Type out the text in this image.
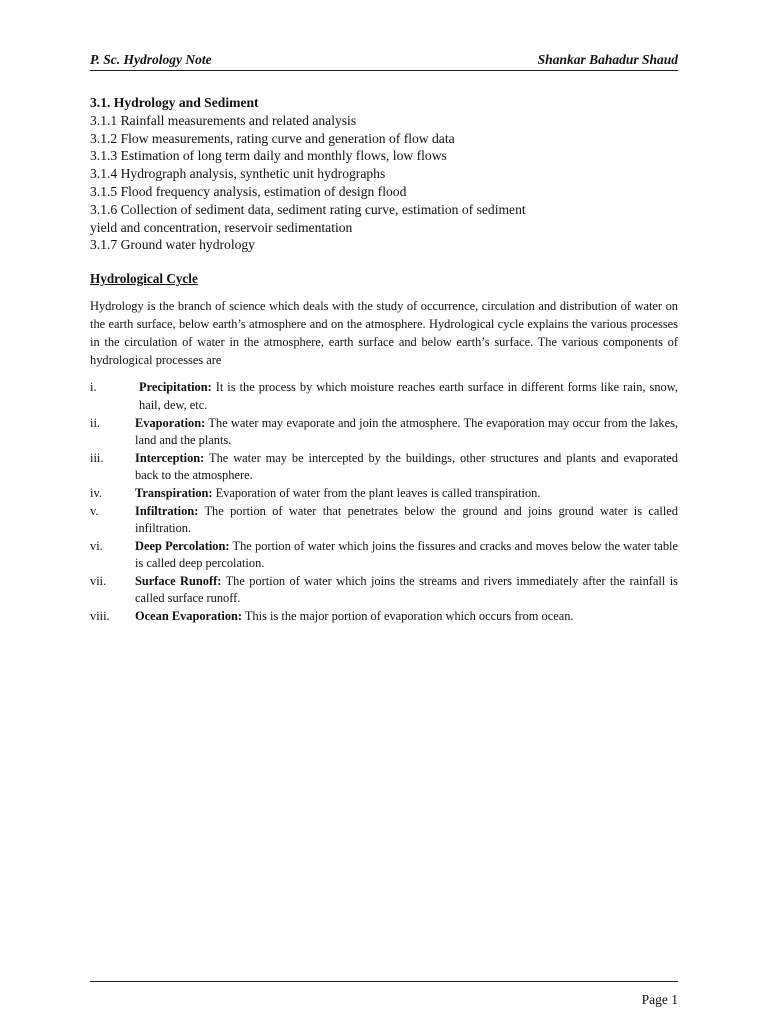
P. Sc. Hydrology Note	Shankar Bahadur Shaud
3.1. Hydrology and Sediment
3.1.1 Rainfall measurements and related analysis
3.1.2 Flow measurements, rating curve and generation of flow data
3.1.3 Estimation of long term daily and monthly flows, low flows
3.1.4 Hydrograph analysis, synthetic unit hydrographs
3.1.5 Flood frequency analysis, estimation of design flood
3.1.6 Collection of sediment data, sediment rating curve, estimation of sediment
yield and concentration, reservoir sedimentation
3.1.7 Ground water hydrology
Hydrological Cycle
Hydrology is the branch of science which deals with the study of occurrence, circulation and distribution of water on the earth surface, below earth’s atmosphere and on the atmosphere. Hydrological cycle explains the various processes in the circulation of water in the atmosphere, earth surface and below earth’s surface. The various components of hydrological processes are
i.	Precipitation: It is the process by which moisture reaches earth surface in different forms like rain, snow, hail, dew, etc.
ii.	Evaporation: The water may evaporate and join the atmosphere. The evaporation may occur from the lakes, land and the plants.
iii.	Interception: The water may be intercepted by the buildings, other structures and plants and evaporated back to the atmosphere.
iv.	Transpiration: Evaporation of water from the plant leaves is called transpiration.
v.	Infiltration: The portion of water that penetrates below the ground and joins ground water is called infiltration.
vi.	Deep Percolation: The portion of water which joins the fissures and cracks and moves below the water table is called deep percolation.
vii.	Surface Runoff: The portion of water which joins the streams and rivers immediately after the rainfall is called surface runoff.
viii.	Ocean Evaporation: This is the major portion of evaporation which occurs from ocean.
Page 1
